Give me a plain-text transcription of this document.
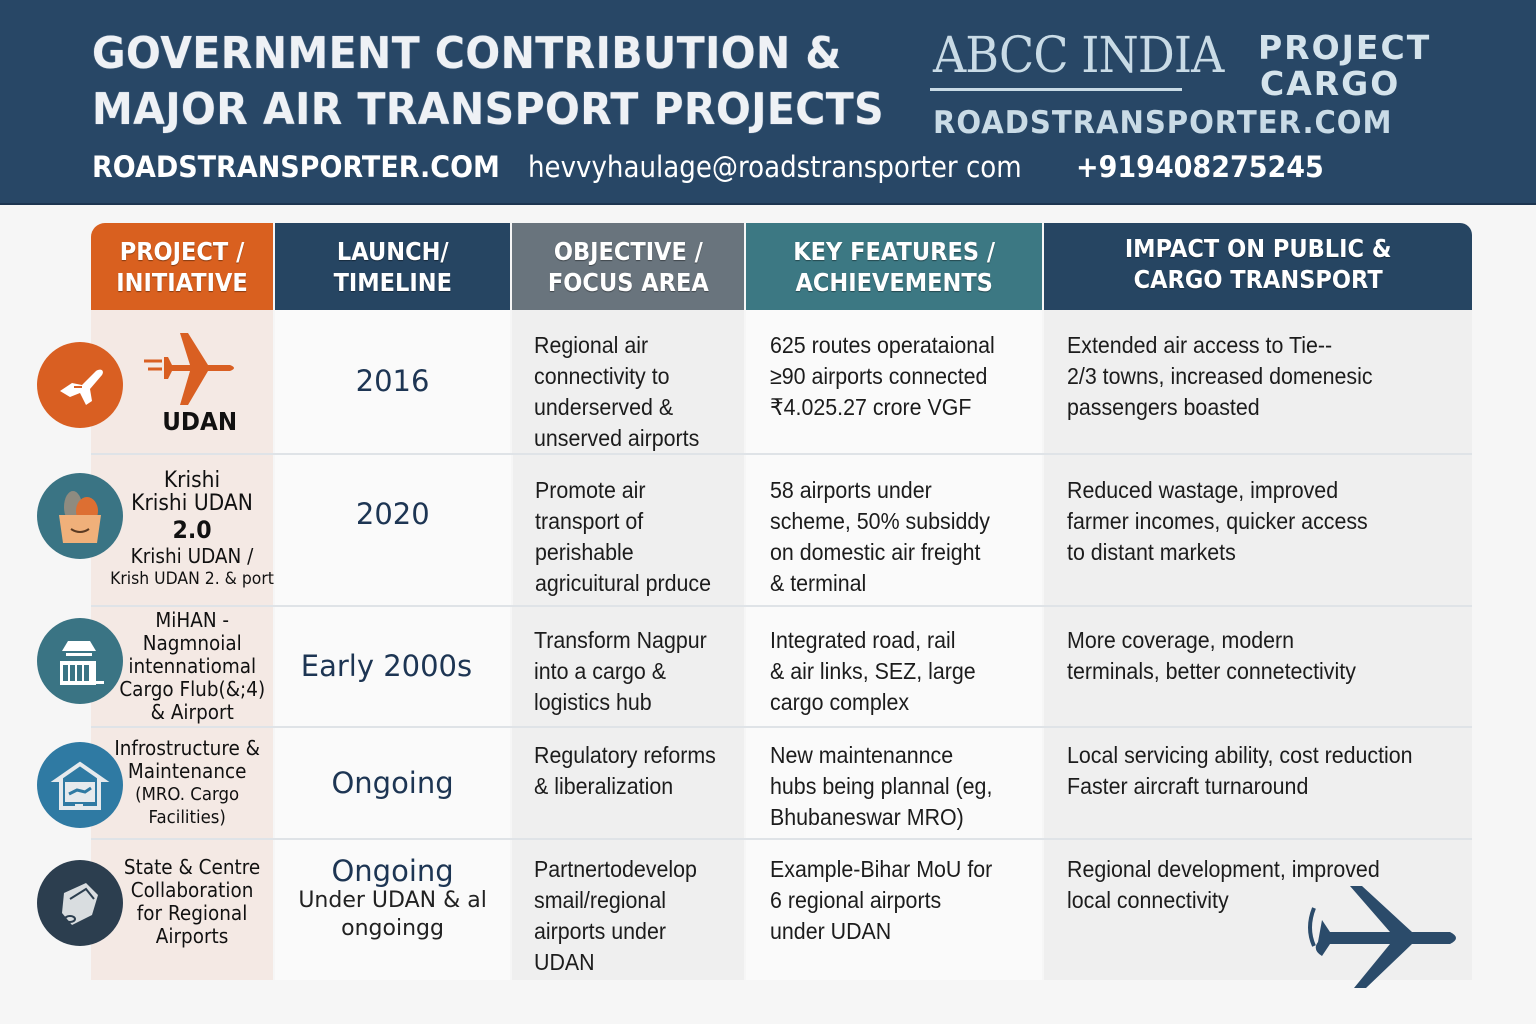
GOVERNMENT CONTRIBUTION &
MAJOR AIR TRANSPORT PROJECTS
ROADSTRANSPORTER.COM hevvyhaulage@roadstransporter com +919408275245
ABCC INDIA PROJECT
CARGO
ROADSTRANSPORTER.COM
PROJECT /
INITIATIVE
LAUNCH/
TIMELINE
OBJECTIVE /
FOCUS AREA
KEY FEATURES /
ACHIEVEMENTS
IMPACT ON PUBLIC &
CARGO TRANSPORT
UDAN
2016
Regional air
connectivity to
underserved &
unserved airports
625 routes operataional
≥90 airports connected
₹4.025.27 crore VGF
Extended air access to Tie--
2/3 towns, increased domenesic
passengers boasted
Krishi
Krishi UDAN
2.0
Krishi UDAN /
Krish UDAN 2. & port
2020
Promote air
transport of
perishable
agricuitural prduce
58 airports under
scheme, 50% subsiddy
on domestic air freight
& terminal
Reduced wastage, improved
farmer incomes, quicker access
to distant markets
MiHAN -
Nagmnoial
intennatiomal
Cargo Flub(&;4)
& Airport
Early 2000s
Transform Nagpur
into a cargo &
logistics hub
Integrated road, rail
& air links, SEZ, large
cargo complex
More coverage, modern
terminals, better connetectivity
Infrostructure &
Maintenance
(MRO. Cargo
Facilities)
Ongoing
Regulatory reforms
& liberalization
New maintenannce
hubs being plannal (eg,
Bhubaneswar MRO)
Local servicing ability, cost reduction
Faster aircraft turnaround
State & Centre
Collaboration
for Regional
Airports
Ongoing
Under UDAN & al
ongoingg
Partnertodevelop
smail/regional
airports under
UDAN
Example-Bihar MoU for
6 regional airports
under UDAN
Regional development, improved
local connectivity
